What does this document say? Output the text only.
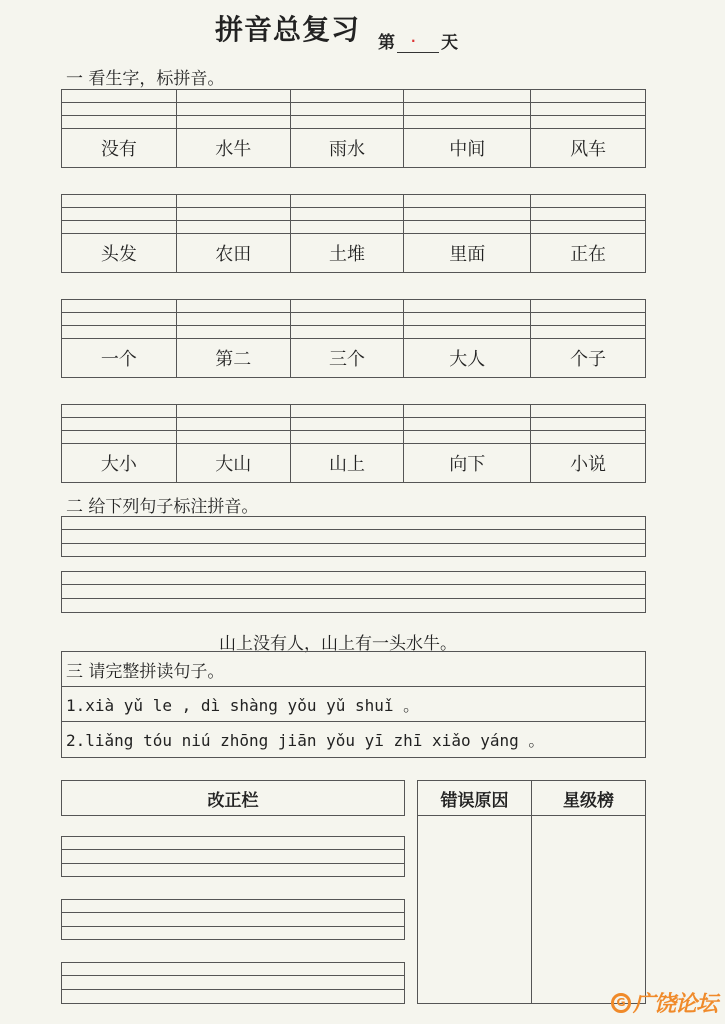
拼音总复习 第 · 天
一 看生字，标拼音。

没有	水牛	雨水	中间	风车

头发	农田	土堆	里面	正在

一个	第二	三个	大人	个子

大小	大山	山上	向下	小说
二 给下列句子标注拼音。
山上没有人，山上有一头水牛。
三 请完整拼读句子。
1.xià yǔ le , dì shàng yǒu yǔ shuǐ 。
2.liǎng tóu niú zhōng jiān yǒu yī zhī xiǎo yáng 。
改正栏	错误原因	星级榜
G 广饶论坛
